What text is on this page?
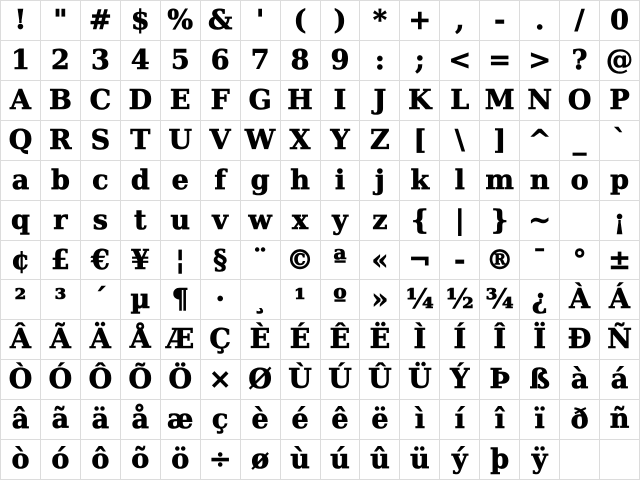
! " # $ % & '	(	) * + ,	-	.	/ 0
1 2 3 4 5 6 7 8 9 :	; < = > ? @
A B C D E F G H I	J K L M N O P
Q R S T U V W X Y Z [	\	] ^ _ `
a b c d e f g h i	j k l m n o p
q r s t u v w x y z { | } ~	¡
¢ £ € ¥ ¦	§ ¨ © ª « ¬ - ® ¯ ° ±
²	³	´ µ ¶ ·	¸	¹	º » ¼ ½ ¾ ¿ À Á
Â Ã Ä Å Æ Ç È É Ê Ë Ì	Í	Î	Ï Ð Ñ
Ò Ó Ô Õ Ö × Ø Ù Ú Û Ü Ý Þ ß à á
â ã ä å æ ç è é ê ë ì	í	î	ï ð ñ
ò ó ô õ ö ÷ ø ù ú û ü ý þ ÿ
